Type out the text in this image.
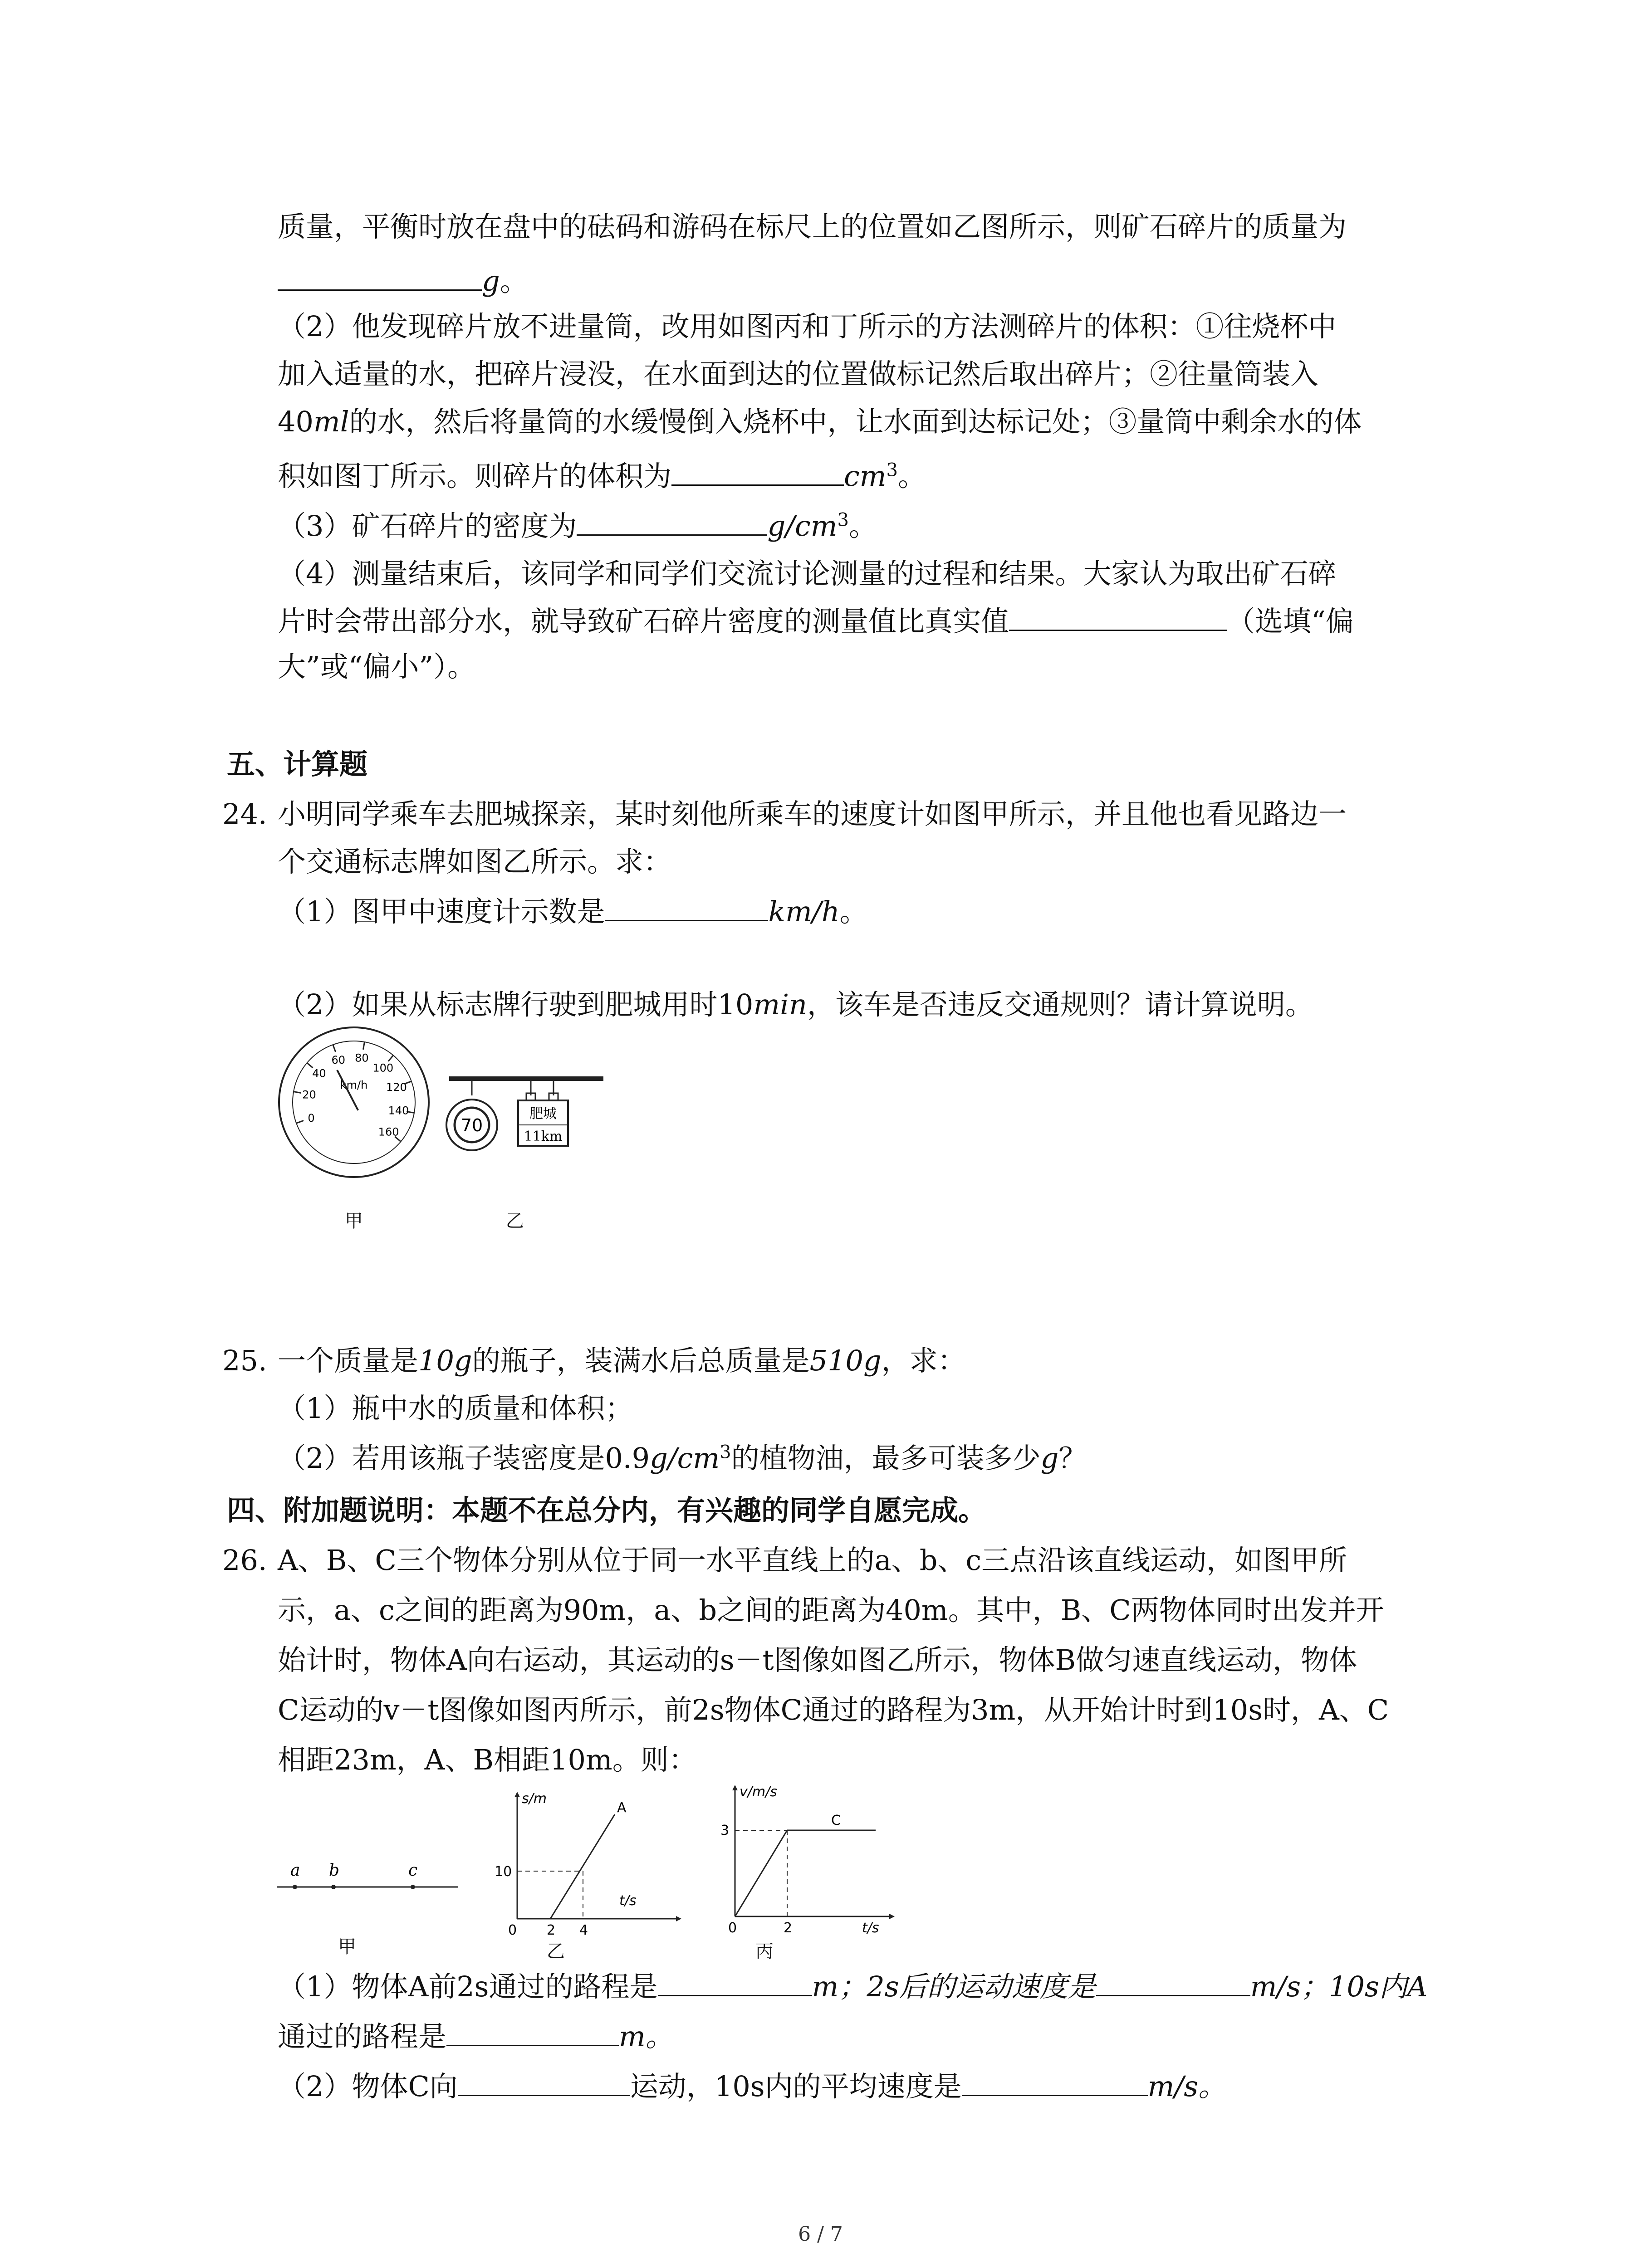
质量，平衡时放在盘中的砝码和游码在标尺上的位置如乙图所示，则矿石碎片的质量为
g。
（2）他发现碎片放不进量筒，改用如图丙和丁所示的方法测碎片的体积：①往烧杯中
加入适量的水，把碎片浸没，在水面到达的位置做标记然后取出碎片；②往量筒装入
40ml的水，然后将量筒的水缓慢倒入烧杯中，让水面到达标记处；③量筒中剩余水的体
积如图丁所示。则碎片的体积为	$cm^3$。
（3）矿石碎片的密度为	$g/cm^3$。
（4）测量结束后，该同学和同学们交流讨论测量的过程和结果。大家认为取出矿石碎
片时会带出部分水，就导致矿石碎片密度的测量值比真实值	（选填“偏
大”或“偏小”）。
五、计算题
24. 小明同学乘车去肥城探亲，某时刻他所乘车的速度计如图甲所示，并且他也看见路边一
个交通标志牌如图乙所示。求：
（1）图甲中速度计示数是	km/h。
（2）如果从标志牌行驶到肥城用时10min，该车是否违反交通规则？请计算说明。
0
20
40
60 80
100
120
140
160
km/h
甲
70
肥城
11km
乙
25. 一个质量是10g的瓶子，装满水后总质量是510g，求：
（1）瓶中水的质量和体积；
（2）若用该瓶子装密度是$0.9g/cm^3$的植物油，最多可装多少g？
四、附加题说明：本题不在总分内，有兴趣的同学自愿完成。
26. A、B、C三个物体分别从位于同一水平直线上的a、b、c三点沿该直线运动，如图甲所
示，a、c之间的距离为90m，a、b之间的距离为40m。其中，B、C两物体同时出发并开
始计时，物体A向右运动，其运动的s－t图像如图乙所示，物体B做匀速直线运动，物体
C运动的v－t图像如图丙所示，前2s物体C通过的路程为3m，从开始计时到10s时，A、C
相距23m，A、B相距10m。则：
a b	c
甲
s/m
t/s
A
10
0 2 4
乙
v/m/s
t/s
C
3
0	2
丙
（1）物体A前2s通过的路程是	m；2s后的运动速度是	m/s；10s内A
通过的路程是	m。
（2）物体C向	运动，10s内的平均速度是	m/s。
6 / 7
